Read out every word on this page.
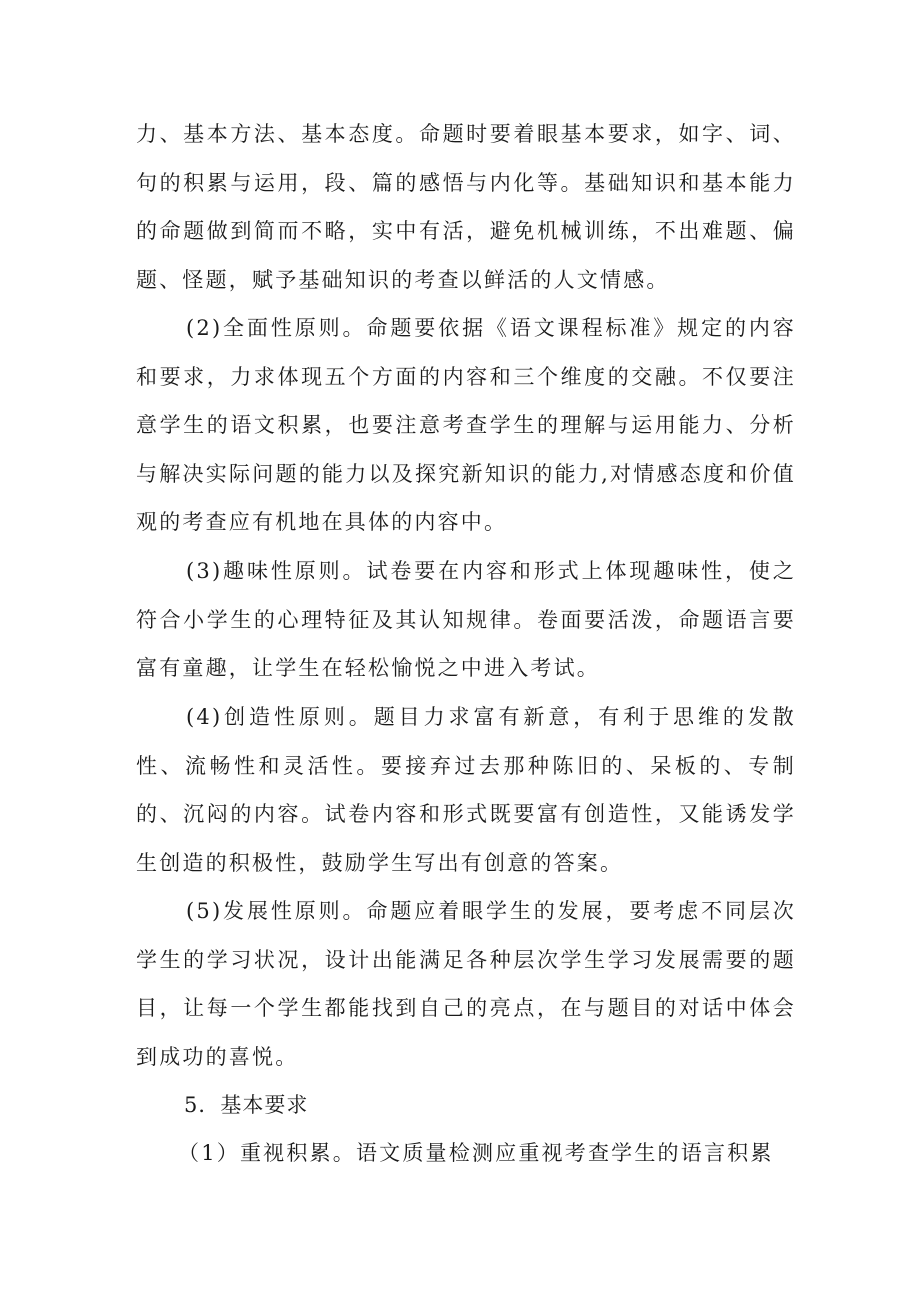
力、基本方法、基本态度。命题时要着眼基本要求，如字、词、句的积累与运用，段、篇的感悟与内化等。基础知识和基本能力的命题做到简而不略，实中有活，避免机械训练，不出难题、偏题、怪题，赋予基础知识的考查以鲜活的人文情感。

(2)全面性原则。命题要依据《语文课程标准》规定的内容和要求，力求体现五个方面的内容和三个维度的交融。不仅要注意学生的语文积累，也要注意考查学生的理解与运用能力、分析与解决实际问题的能力以及探究新知识的能力,对情感态度和价值观的考查应有机地在具体的内容中。

(3)趣味性原则。试卷要在内容和形式上体现趣味性，使之符合小学生的心理特征及其认知规律。卷面要活泼，命题语言要富有童趣，让学生在轻松愉悦之中进入考试。

(4)创造性原则。题目力求富有新意，有利于思维的发散性、流畅性和灵活性。要接弃过去那种陈旧的、呆板的、专制的、沉闷的内容。试卷内容和形式既要富有创造性，又能诱发学生创造的积极性，鼓励学生写出有创意的答案。

(5)发展性原则。命题应着眼学生的发展，要考虑不同层次学生的学习状况，设计出能满足各种层次学生学习发展需要的题目，让每一个学生都能找到自己的亮点，在与题目的对话中体会到成功的喜悦。

5．基本要求

（1）重视积累。语文质量检测应重视考查学生的语言积累
